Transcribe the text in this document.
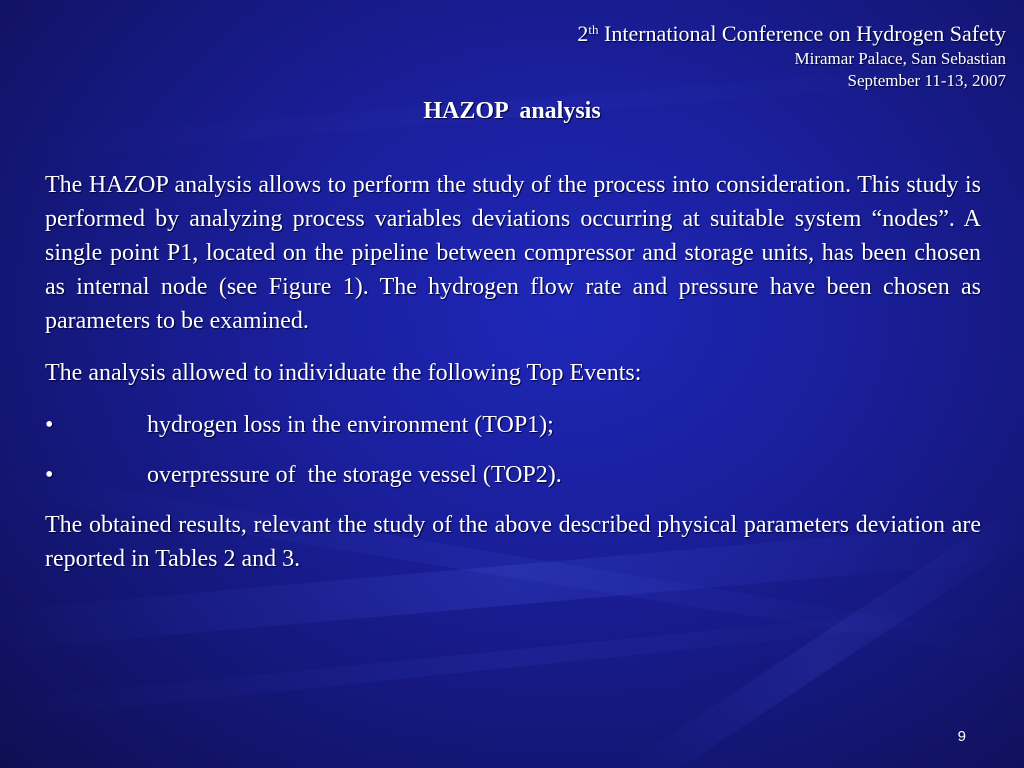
2th International Conference on Hydrogen Safety
Miramar Palace, San Sebastian
September 11-13, 2007
HAZOP  analysis

The HAZOP analysis allows to perform the study of the process into consideration. This study is performed by analyzing process variables deviations occurring at suitable system “nodes”. A single point P1, located on the pipeline between compressor and storage units, has been chosen as internal node (see Figure 1). The hydrogen flow rate and pressure have been chosen as parameters to be examined.

The analysis allowed to individuate the following Top Events:

•	hydrogen loss in the environment (TOP1);
•	overpressure of  the storage vessel (TOP2).

The obtained results, relevant the study of the above described physical parameters deviation are reported in Tables 2 and 3.

9
